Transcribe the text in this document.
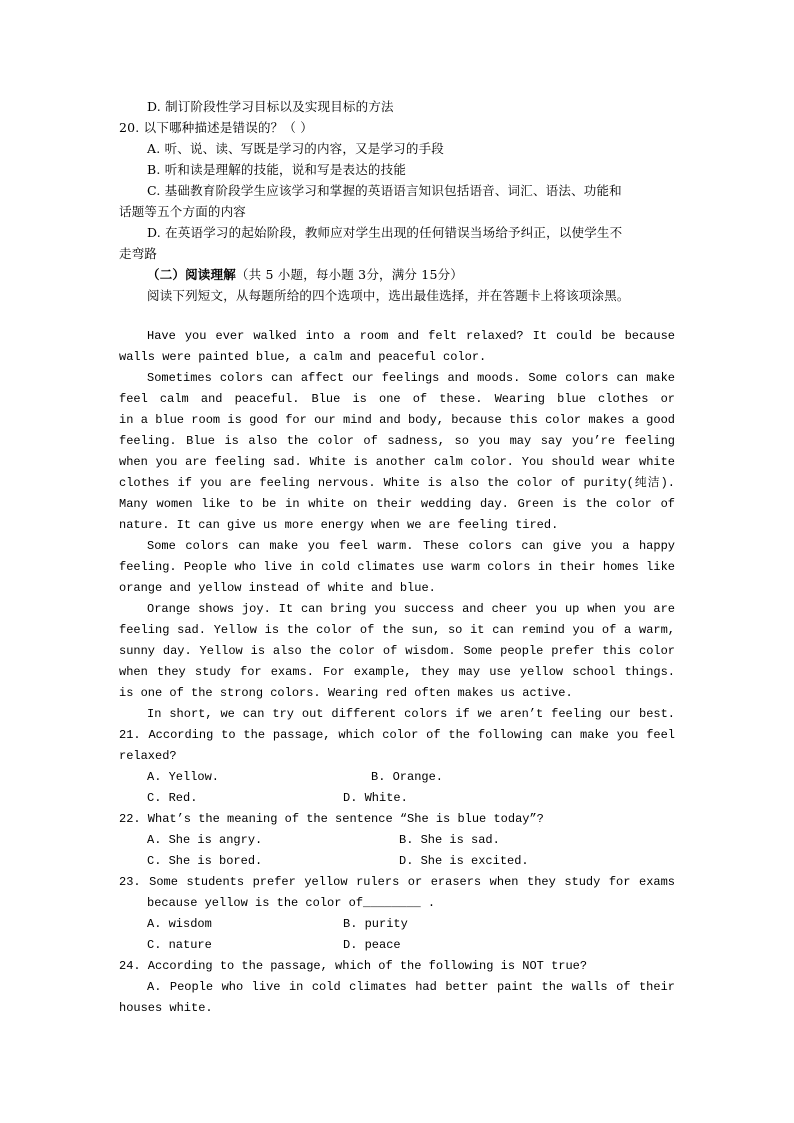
D. 制订阶段性学习目标以及实现目标的方法
20. 以下哪种描述是错误的？（ ）
A. 听、说、读、写既是学习的内容，又是学习的手段
B. 听和读是理解的技能，说和写是表达的技能
C. 基础教育阶段学生应该学习和掌握的英语语言知识包括语音、词汇、语法、功能和
话题等五个方面的内容
D. 在英语学习的起始阶段，教师应对学生出现的任何错误当场给予纠正，以使学生不
走弯路
（二）阅读理解（共 5 小题，每小题 3分，满分 15分）
阅读下列短文，从每题所给的四个选项中，选出最佳选择，并在答题卡上将该项涂黑。
Have you ever walked into a room and felt relaxed? It could be because
walls were painted blue, a calm and peaceful color.
Sometimes colors can affect our feelings and moods. Some colors can make
feel calm and peaceful. Blue is one of these. Wearing blue clothes or
in a blue room is good for our mind and body, because this color makes a good
feeling. Blue is also the color of sadness, so you may say you’re feeling
when you are feeling sad. White is another calm color. You should wear white
clothes if you are feeling nervous. White is also the color of purity(纯洁).
Many women like to be in white on their wedding day. Green is the color of
nature. It can give us more energy when we are feeling tired.
Some colors can make you feel warm. These colors can give you a happy
feeling. People who live in cold climates use warm colors in their homes like
orange and yellow instead of white and blue.
Orange shows joy. It can bring you success and cheer you up when you are
feeling sad. Yellow is the color of the sun, so it can remind you of a warm,
sunny day. Yellow is also the color of wisdom. Some people prefer this color
when they study for exams. For example, they may use yellow school things.
is one of the strong colors. Wearing red often makes us active.
In short, we can try out different colors if we aren’t feeling our best.
21. According to the passage, which color of the following can make you feel
relaxed?
A. Yellow.	B. Orange.
C. Red.	D. White.
22. What’s the meaning of the sentence “She is blue today”?
A. She is angry.	B. She is sad.
C. She is bored.	D. She is excited.
23. Some students prefer yellow rulers or erasers when they study for exams
because yellow is the color of________ .
A. wisdom	B. purity
C. nature	D. peace
24. According to the passage, which of the following is NOT true?
A. People who live in cold climates had better paint the walls of their
houses white.
